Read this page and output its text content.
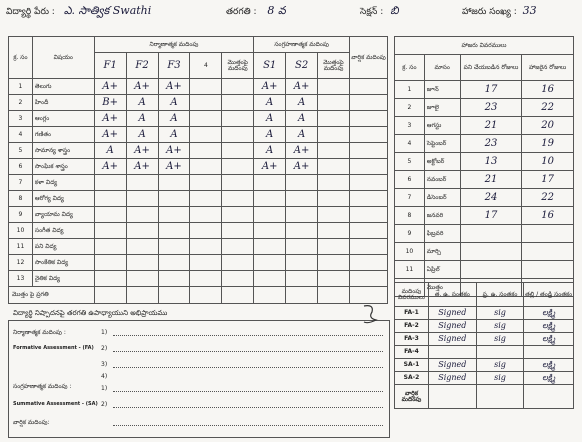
విద్యార్థి పేరు : ఎ. సాత్విక Swathi	తరగతి : 8 వ	సెక్షన్ : బి	హాజరు సంఖ్య : 33
క్ర. సం	విషయం	నిర్మాణాత్మక మదింపు					సంగ్రహణాత్మక మదింపు			వార్షిక మదింపు
		F1	F2	F3	4	మొత్తంపై మదింపు	S1	S2	మొత్తంపై మదింపు	
1	తెలుగు	A+	A+	A+			A+	A+		
2	హిందీ	B+	A	A			A	A		
3	ఆంగ్లం	A+	A	A			A	A		
4	గణితం	A+	A	A			A	A		
5	సామాన్య శాస్త్రం	A	A+	A+			A	A+		
6	సాంఘిక శాస్త్రం	A+	A+	A+			A+	A+		
7	కళా విద్య									
8	ఆరోగ్య విద్య									
9	వ్యాయామ విద్య									
10	సంగీత విద్య									
11	పని విద్య									
12	సాంకేతిక విద్య									
13	నైతిక విద్య									
మొత్తం పై ప్రగతి										
హాజరు వివరములు			
క్ర. సం	మాసం	పని చేయబడిన రోజులు	హాజరైన రోజులు
1	జూన్	17	16
2	జూలై	23	22
3	ఆగస్టు	21	20
4	సెప్టెంబర్	23	19
5	అక్టోబర్	13	10
6	నవంబర్	21	17
7	డిసెంబర్	24	22
8	జనవరి	17	16
9	ఫిబ్రవరి		
10	మార్చి		
11	ఏప్రిల్		
	మొత్తం		
మదింపు వివరములు	త. ఉ. సంతకం	ప్ర. ఉ. సంతకం	తల్లి / తండ్రి సంతకం
FA-1	Signed	sig	లక్ష్మి
FA-2	Signed	sig	లక్ష్మి
FA-3	Signed	sig	లక్ష్మి
FA-4			
SA-1	Signed	sig	లక్ష్మి
SA-2	Signed	sig	లక్ష్మి
వార్షిక మదింపు			
విద్యార్థి నిష్పాదనపై తరగతి ఉపాధ్యాయుని అభిప్రాయము
నిర్మాణాత్మక మదింపు :
Formative Assessment - (FA)
సంగ్రహణాత్మక మదింపు :
Summative Assessment - (SA)
వార్షిక మదింపు:
1)
2)
3)
4)
1)
2)
